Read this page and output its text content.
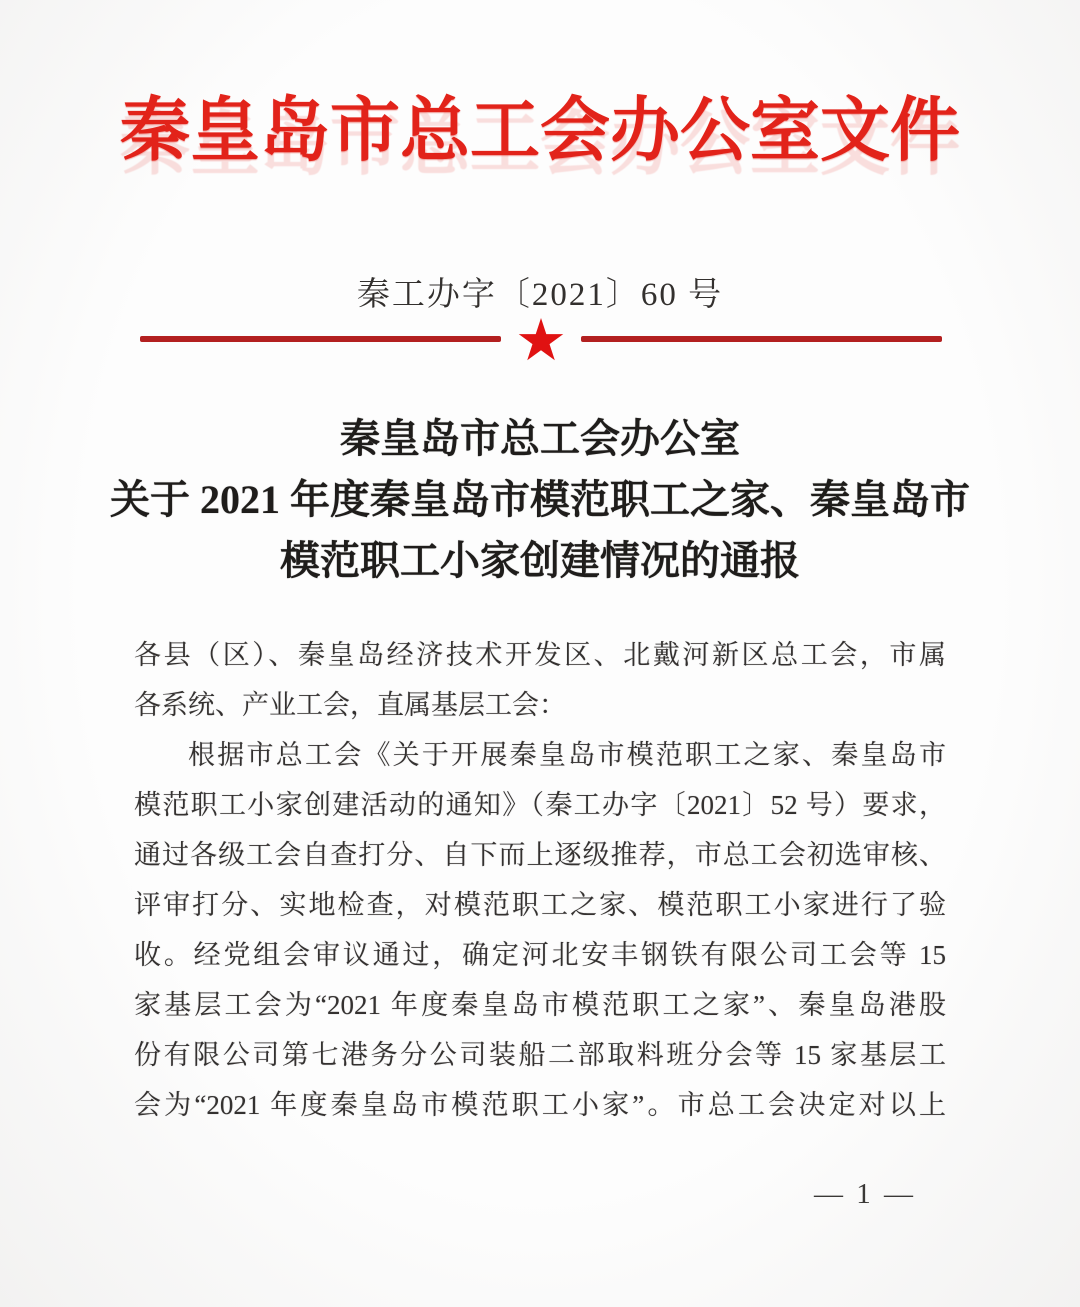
秦皇岛市总工会办公室文件
秦工办字〔2021〕60 号
★
秦皇岛市总工会办公室
关于 2021 年度秦皇岛市模范职工之家、秦皇岛市
模范职工小家创建情况的通报
各县（区）、秦皇岛经济技术开发区、北戴河新区总工会，市属
各系统、产业工会，直属基层工会：
根据市总工会《关于开展秦皇岛市模范职工之家、秦皇岛市
模范职工小家创建活动的通知》（秦工办字〔2021〕52 号）要求，
通过各级工会自查打分、自下而上逐级推荐，市总工会初选审核、
评审打分、实地检查，对模范职工之家、模范职工小家进行了验
收。经党组会审议通过，确定河北安丰钢铁有限公司工会等 15
家基层工会为“2021 年度秦皇岛市模范职工之家”、秦皇岛港股
份有限公司第七港务分公司装船二部取料班分会等 15 家基层工
会为“2021 年度秦皇岛市模范职工小家”。市总工会决定对以上
— 1 —
